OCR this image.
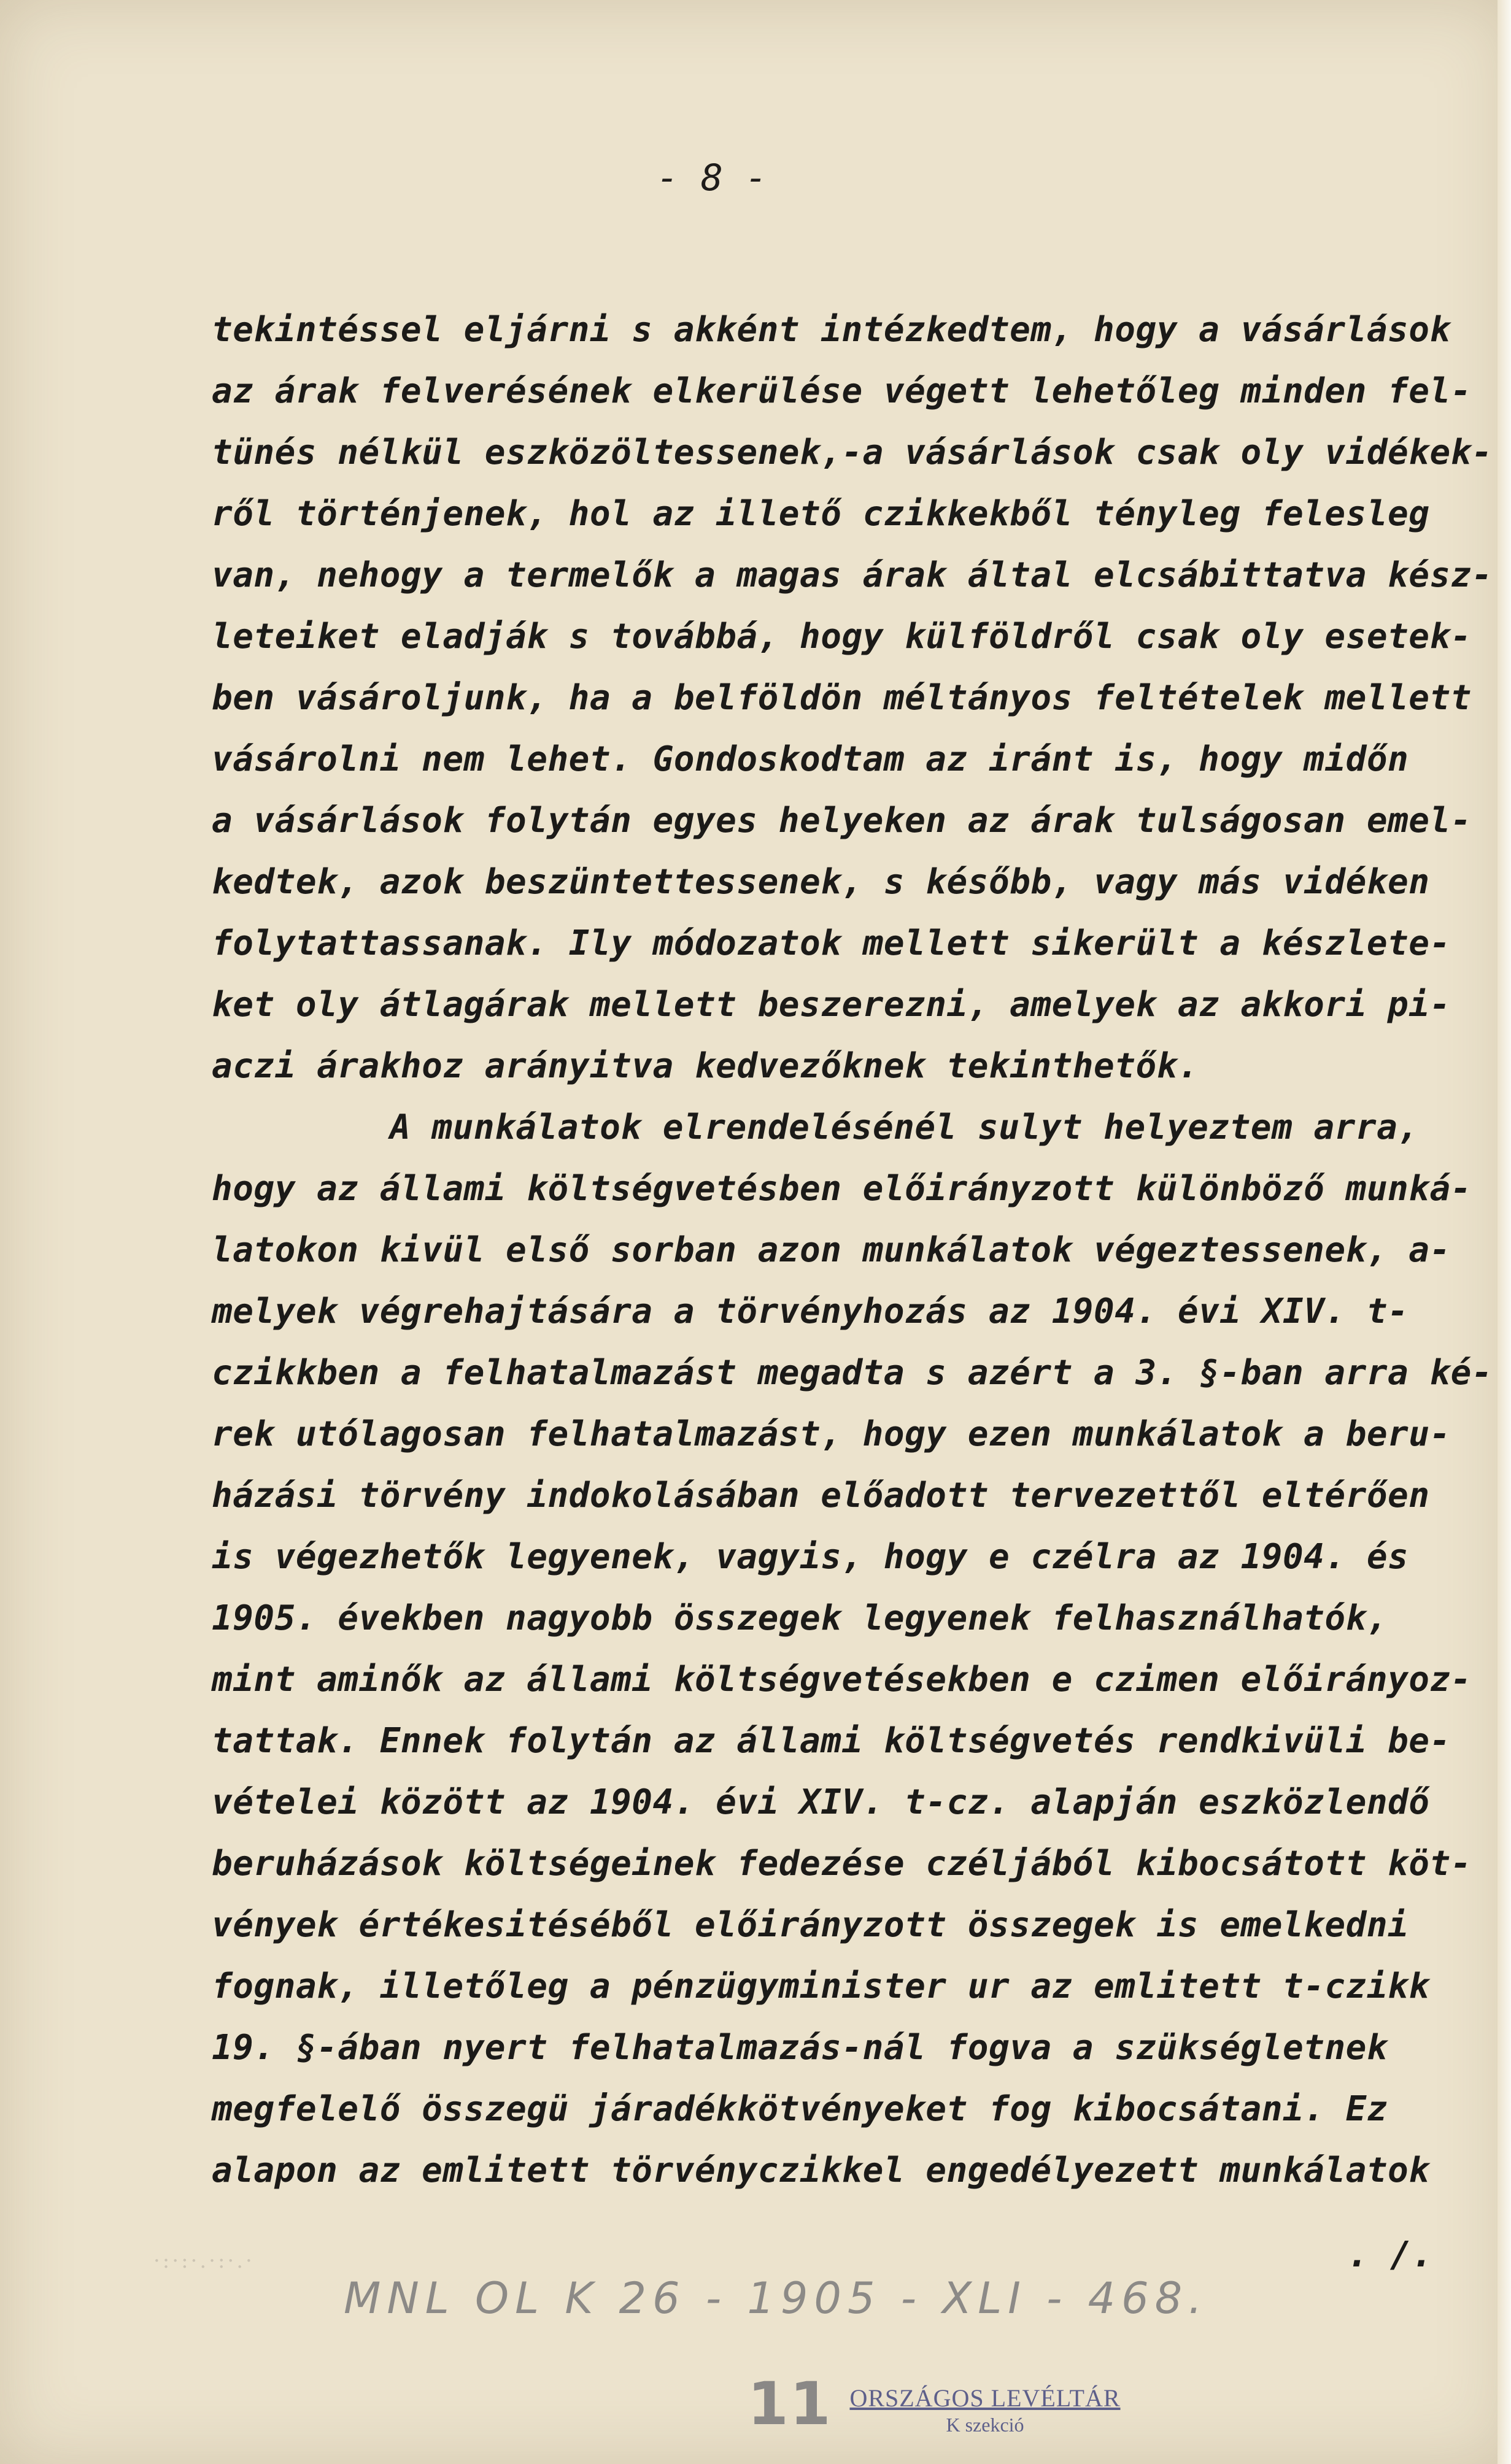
- 8 -
tekintéssel eljárni s akként intézkedtem, hogy a vásárlások
az árak felverésének elkerülése végett lehetőleg minden fel-
tünés nélkül eszközöltessenek,-a vásárlások csak oly vidékek-
ről történjenek, hol az illető czikkekből tényleg felesleg
van, nehogy a termelők a magas árak által elcsábittatva kész-
leteiket eladják s továbbá, hogy külföldről csak oly esetek-
ben vásároljunk, ha a belföldön méltányos feltételek mellett
vásárolni nem lehet. Gondoskodtam az iránt is, hogy midőn
a vásárlások folytán egyes helyeken az árak tulságosan emel-
kedtek, azok beszüntettessenek, s később, vagy más vidéken
folytattassanak. Ily módozatok mellett sikerült a készlete-
ket oly átlagárak mellett beszerezni, amelyek az akkori pi-
aczi árakhoz arányitva kedvezőknek tekinthetők.
A munkálatok elrendelésénél sulyt helyeztem arra,
hogy az állami költségvetésben előirányzott különböző munká-
latokon kivül első sorban azon munkálatok végeztessenek, a-
melyek végrehajtására a törvényhozás az 1904. évi XIV. t-
czikkben a felhatalmazást megadta s azért a 3. §-ban arra ké-
rek utólagosan felhatalmazást, hogy ezen munkálatok a beru-
házási törvény indokolásában előadott tervezettől eltérően
is végezhetők legyenek, vagyis, hogy e czélra az 1904. és
1905. években nagyobb összegek legyenek felhasználhatók,
mint aminők az állami költségvetésekben e czimen előirányoz-
tattak. Ennek folytán az állami költségvetés rendkivüli be-
vételei között az 1904. évi XIV. t-cz. alapján eszközlendő
beruházások költségeinek fedezése czéljából kibocsátott köt-
vények értékesitéséből előirányzott összegek is emelkedni
fognak, illetőleg a pénzügyminister ur az emlitett t-czikk
19. §-ában nyert felhatalmazás-nál fogva a szükségletnek
megfelelő összegü járadékkötvényeket fog kibocsátani. Ez
alapon az emlitett törvényczikkel engedélyezett munkálatok
. /.
·:·:·.·:·.·
MNL OL K 26 - 1905 - XLI - 468.
11 ORSZÁGOS LEVÉLTÁR
K szekció
